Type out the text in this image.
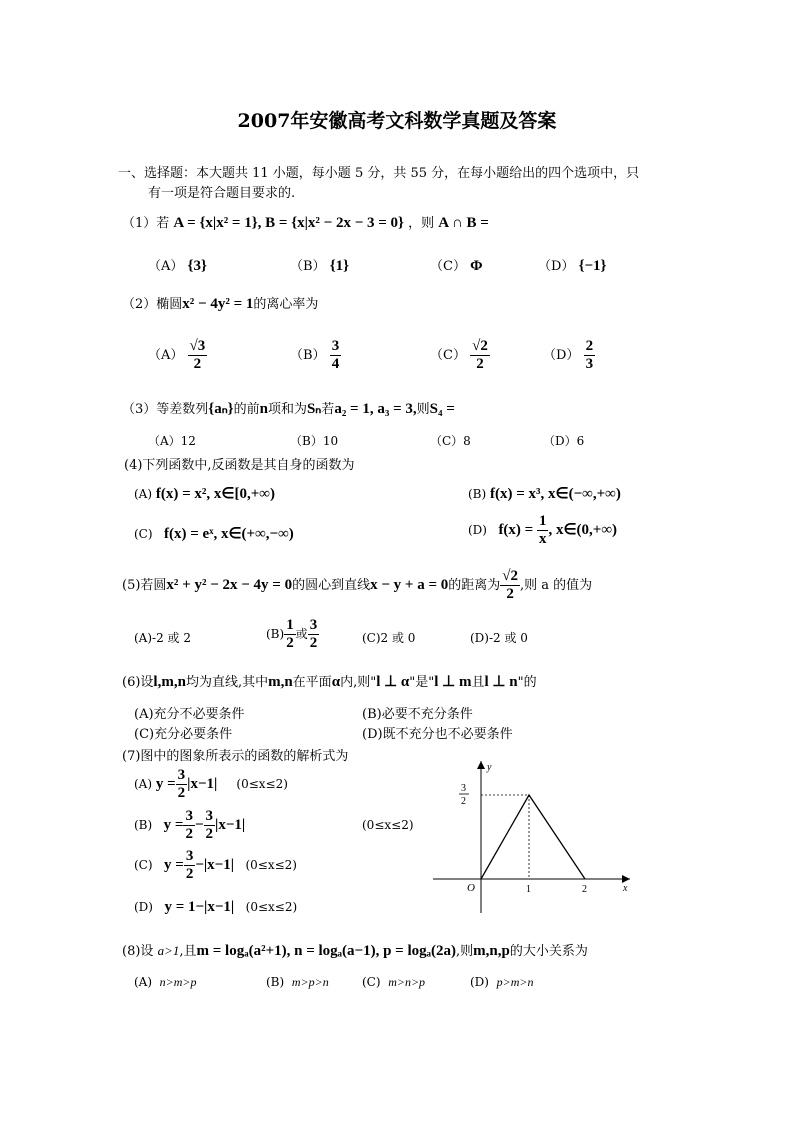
2007年安徽高考文科数学真题及答案
一、选择题：本大题共 11 小题，每小题 5 分，共 55 分，在每小题给出的四个选项中，只
有一项是符合题目要求的.
（1）若 A = {x|x² = 1}, B = {x|x² − 2x − 3 = 0} ，则 A ∩ B =
（A） {3}	（B） {1}	（C） Φ	（D） {−1}
（2）椭圆x² − 4y² = 1的离心率为
$(A) \frac{√3}{2}$	$(B) \frac{3}{4}$	$(C) \frac{√2}{2}$	$(D) \frac{2}{3}$
（3）等差数列{aₙ}的前n项和为Sₙ若a₂ = 1, a₃ = 3,则S₄ =
（A）12	（B）10	（C）8	（D）6
(4)下列函数中,反函数是其自身的函数为
(A) f(x) = x², x∈[0,+∞)	(B) f(x) = x³, x∈(−∞,+∞)
(C) f(x) = eˣ, x∈(+∞,−∞)	(D) $f(x) = \frac{1}{x}$ , x∈(0,+∞)
(5)若圆x² + y² − 2x − 4y = 0的圆心到直线x − y + a = 0的距离为 $\frac{√2}{2}$ ,则 a 的值为
(A)-2 或 2	$(B) \frac{1}{2}$ 或 $\frac{3}{2}$	(C)2 或 0	(D)-2 或 0
(6)设l,m,n均为直线,其中m,n在平面α内,则"l ⊥ α"是"l ⊥ m且l ⊥ n"的
(A)充分不必要条件	(B)必要不充分条件
(C)充分必要条件	(D)既不充分也不必要条件
(7)图中的图象所表示的函数的解析式为
(A) $y = \frac{3}{2} |x-1|$ (0≤x≤2)
(B) $y = \frac{3}{2} - \frac{3}{2} |x-1|$	(0≤x≤2)
(C) $y = \frac{3}{2} -|x-1|$ (0≤x≤2)
(D) y = 1−|x−1| (0≤x≤2)
y
x
O	1	2
3
2
(8)设 a>1,且m = logₐ(a²+1), n = logₐ(a−1), p = logₐ(2a),则m,n,p的大小关系为
(A) n>m>p	(B) m>p>n	(C) m>n>p	(D) p>m>n
